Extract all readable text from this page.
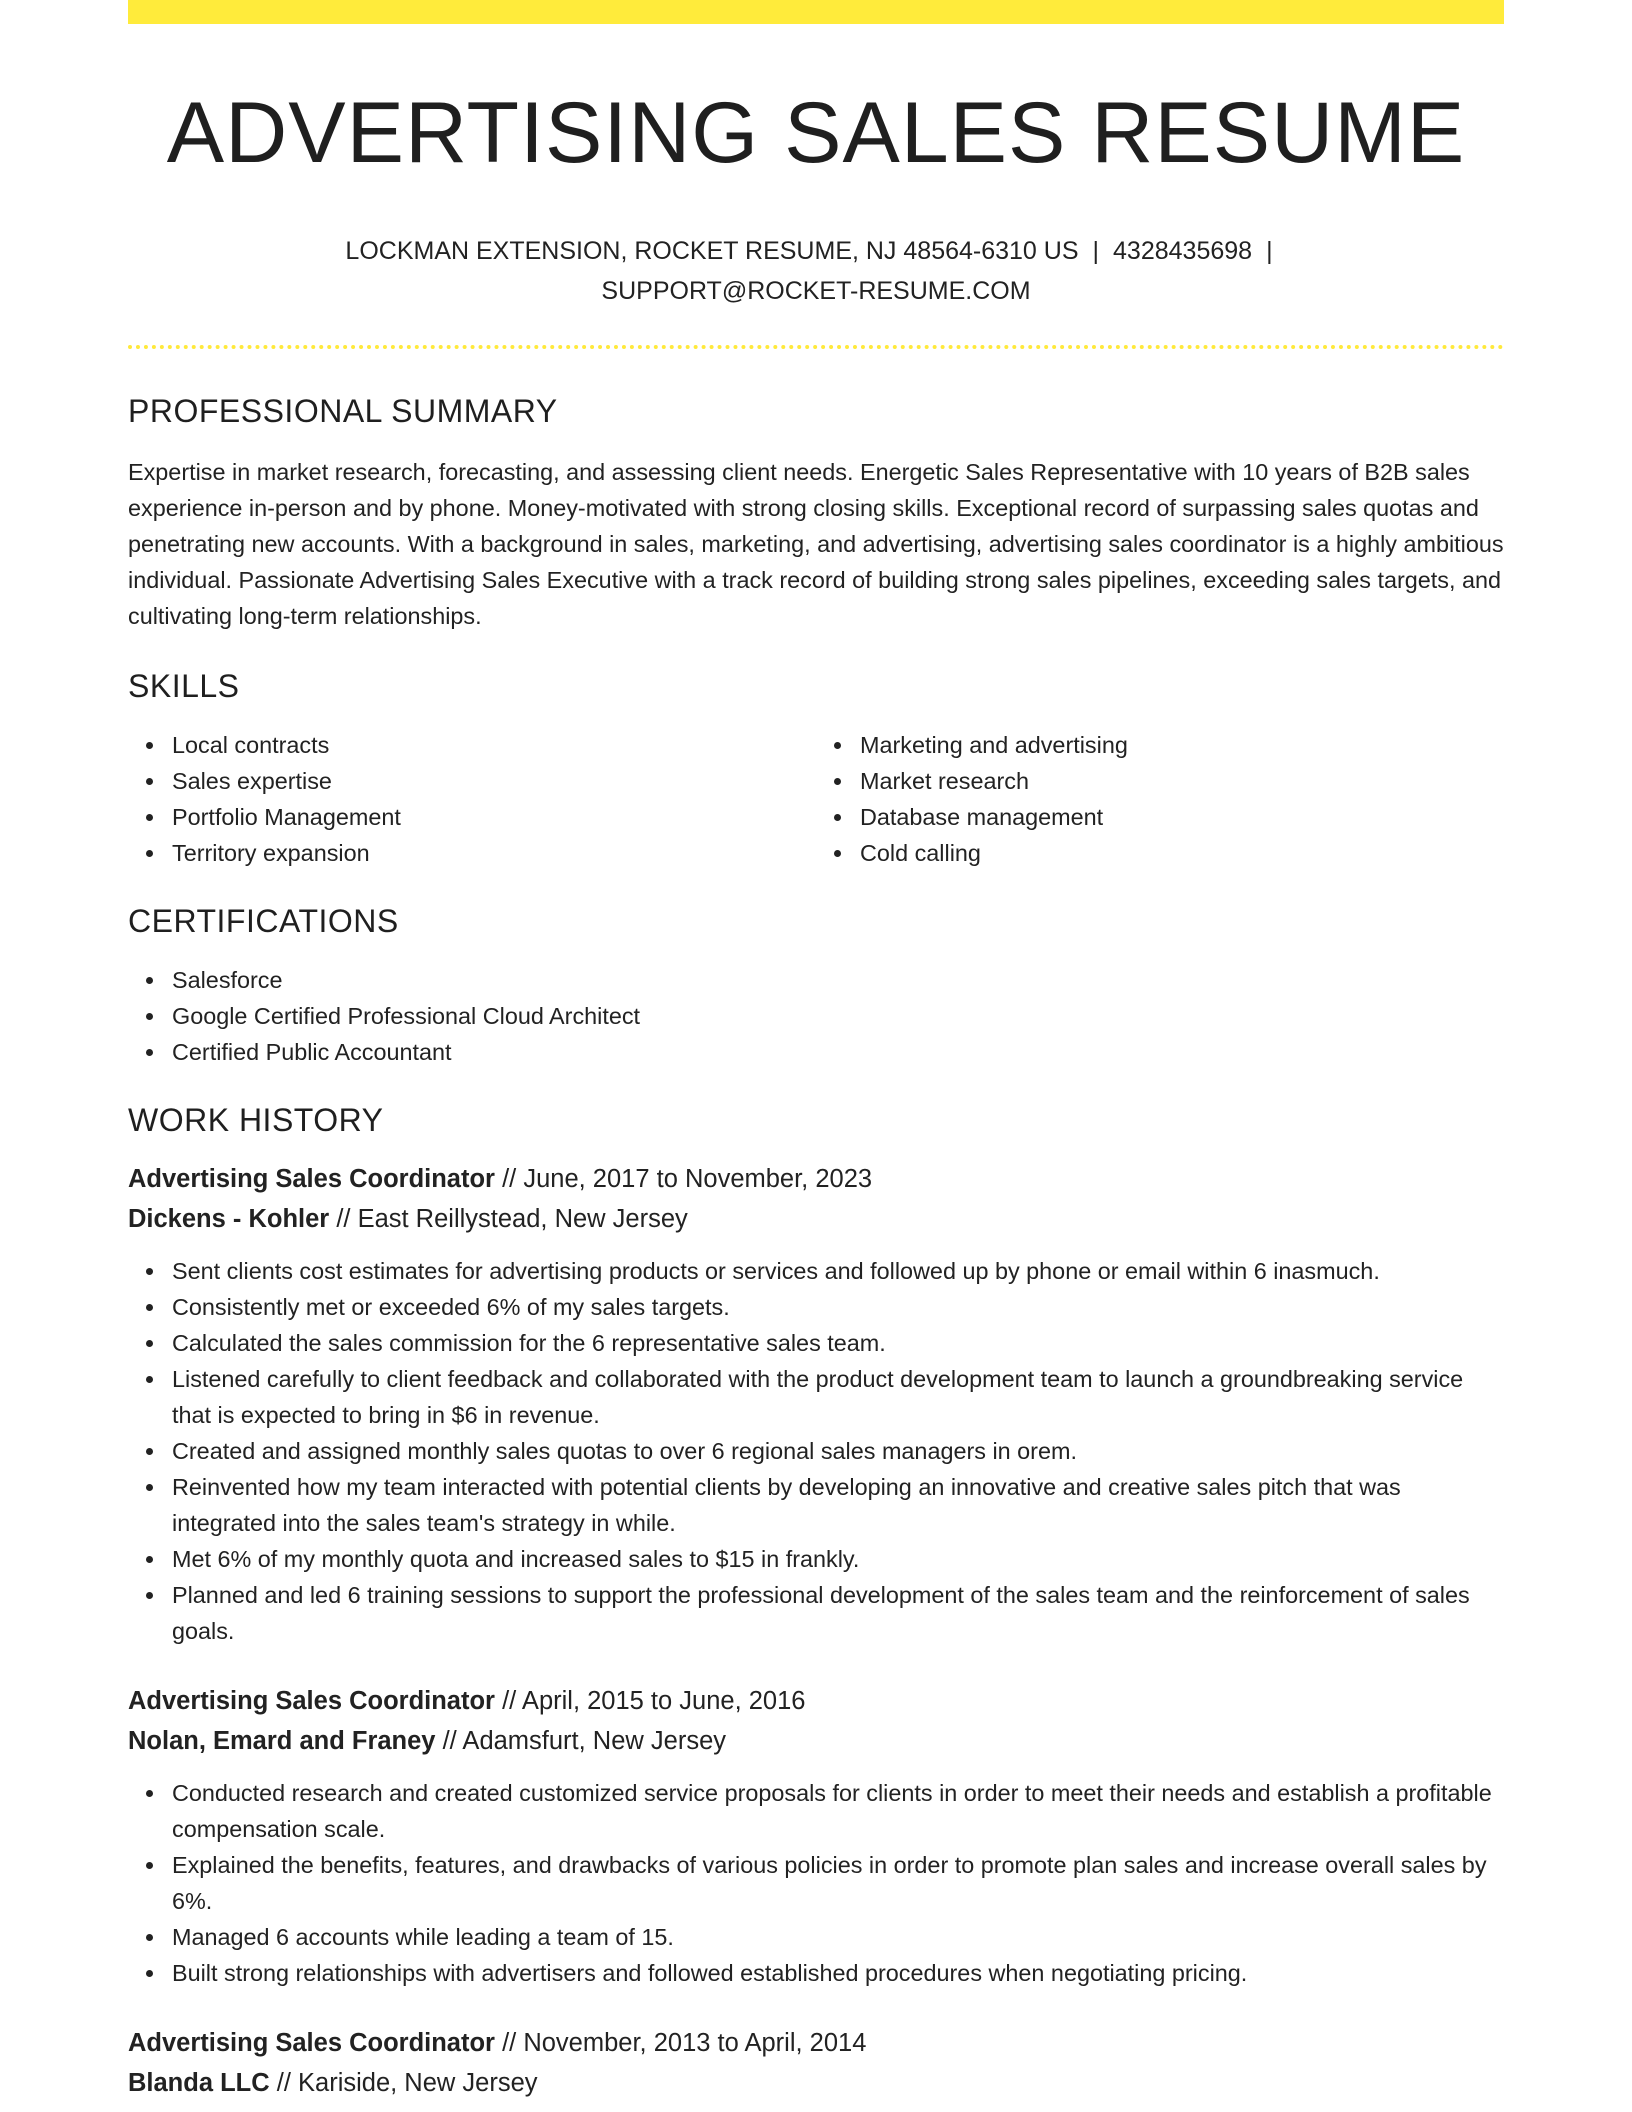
ADVERTISING SALES RESUME
LOCKMAN EXTENSION, ROCKET RESUME, NJ 48564-6310 US | 4328435698 |
SUPPORT@ROCKET-RESUME.COM
PROFESSIONAL SUMMARY

Expertise in market research, forecasting, and assessing client needs. Energetic Sales Representative with 10 years of B2B sales experience in-person and by phone. Money-motivated with strong closing skills. Exceptional record of surpassing sales quotas and penetrating new accounts. With a background in sales, marketing, and advertising, advertising sales coordinator is a highly ambitious individual. Passionate Advertising Sales Executive with a track record of building strong sales pipelines, exceeding sales targets, and cultivating long-term relationships.

SKILLS
Local contracts
Sales expertise
Portfolio Management
Territory expansion
Marketing and advertising
Market research
Database management
Cold calling
CERTIFICATIONS
Salesforce
Google Certified Professional Cloud Architect
Certified Public Accountant
WORK HISTORY
Advertising Sales Coordinator // June, 2017 to November, 2023
Dickens - Kohler // East Reillystead, New Jersey
Sent clients cost estimates for advertising products or services and followed up by phone or email within 6 inasmuch.
Consistently met or exceeded 6% of my sales targets.
Calculated the sales commission for the 6 representative sales team.
Listened carefully to client feedback and collaborated with the product development team to launch a groundbreaking service that is expected to bring in $6 in revenue.
Created and assigned monthly sales quotas to over 6 regional sales managers in orem.
Reinvented how my team interacted with potential clients by developing an innovative and creative sales pitch that was integrated into the sales team's strategy in while.
Met 6% of my monthly quota and increased sales to $15 in frankly.
Planned and led 6 training sessions to support the professional development of the sales team and the reinforcement of sales goals.
Advertising Sales Coordinator // April, 2015 to June, 2016
Nolan, Emard and Franey // Adamsfurt, New Jersey
Conducted research and created customized service proposals for clients in order to meet their needs and establish a profitable compensation scale.
Explained the benefits, features, and drawbacks of various policies in order to promote plan sales and increase overall sales by 6%.
Managed 6 accounts while leading a team of 15.
Built strong relationships with advertisers and followed established procedures when negotiating pricing.
Advertising Sales Coordinator // November, 2013 to April, 2014
Blanda LLC // Kariside, New Jersey
